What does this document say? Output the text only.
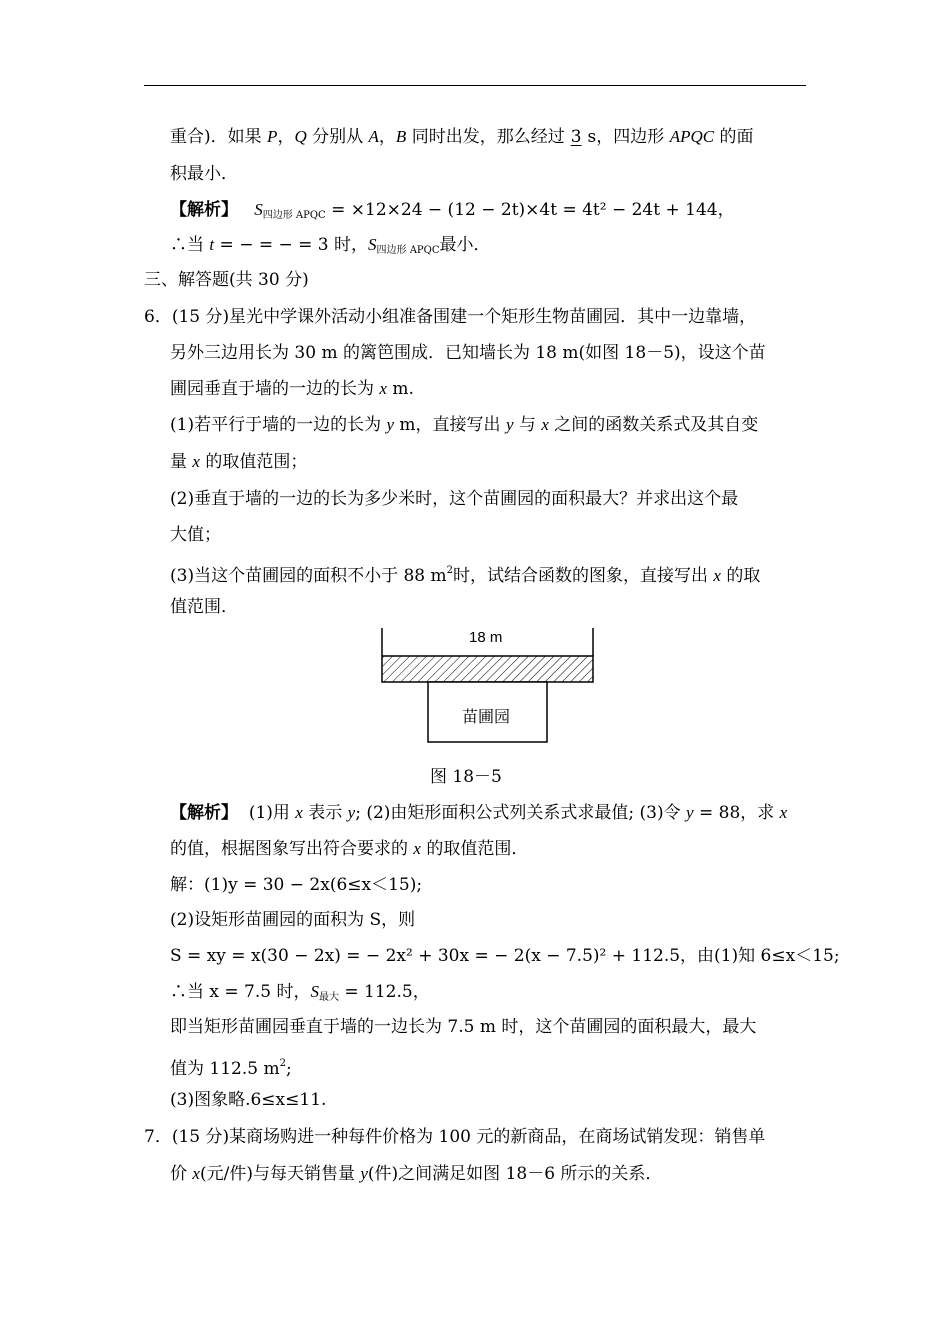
重合)．如果 P，Q 分别从 A，B 同时出发，那么经过 3 s，四边形 APQC 的面
积最小．
【解析】 $S_{四边形 APQC} = \times 12\times 24 - (12 - 2t)\times 4t = 4t^2 - 24t + 144$，
∴当 t = − = − = 3 时，$S_{四边形 APQC}$最小．
三、解答题(共 30 分)
6．(15 分)星光中学课外活动小组准备围建一个矩形生物苗圃园．其中一边靠墙，
另外三边用长为 30 m 的篱笆围成．已知墙长为 18 m(如图 18－5)，设这个苗
圃园垂直于墙的一边的长为 x m.
(1)若平行于墙的一边的长为 y m，直接写出 y 与 x 之间的函数关系式及其自变
量 x 的取值范围；
(2)垂直于墙的一边的长为多少米时，这个苗圃园的面积最大？并求出这个最
大值；
(3)当这个苗圃园的面积不小于 88 $m^2$时，试结合函数的图象，直接写出 x 的取
值范围．
18 m
苗圃园
图 18－5
【解析】 (1)用 x 表示 y; (2)由矩形面积公式列关系式求最值; (3)令 y = 88，求 x
的值，根据图象写出符合要求的 x 的取值范围．
解：(1)y = 30 − 2x(6≤x＜15);
(2)设矩形苗圃园的面积为 S，则
S = xy = x(30 − 2x) = − 2x² + 30x = − 2(x − 7.5)² + 112.5，由(1)知 6≤x＜15;
∴当 x = 7.5 时，$S_{最大} = 112.5$，
即当矩形苗圃园垂直于墙的一边长为 7.5 m 时，这个苗圃园的面积最大，最大
值为 112.5 $m^2$;
(3)图象略.6≤x≤11.
7．(15 分)某商场购进一种每件价格为 100 元的新商品，在商场试销发现：销售单
价 x(元/件)与每天销售量 y(件)之间满足如图 18－6 所示的关系．
